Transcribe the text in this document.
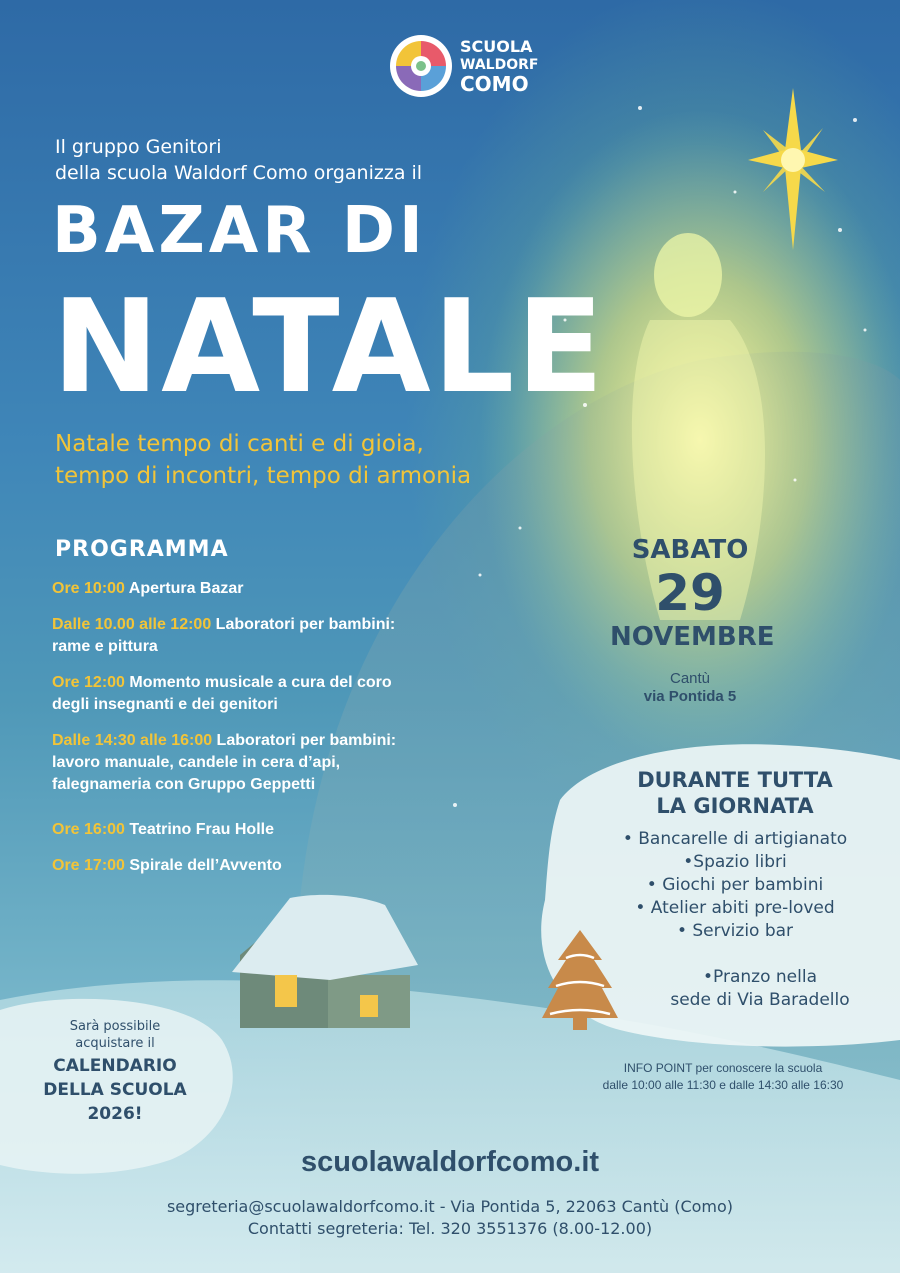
SCUOLA
WALDORF
COMO
Il gruppo Genitori
della scuola Waldorf Como organizza il
BAZAR DI
NATALE
Natale tempo di canti e di gioia,
tempo di incontri, tempo di armonia
PROGRAMMA
Ore 10:00 Apertura Bazar
Dalle 10.00 alle 12:00 Laboratori per bambini:
rame e pittura
Ore 12:00 Momento musicale a cura del coro
degli insegnanti e dei genitori
Dalle 14:30 alle 16:00 Laboratori per bambini:
lavoro manuale, candele in cera d’api,
falegnameria con Gruppo Geppetti
Ore 16:00 Teatrino Frau Holle
Ore 17:00 Spirale dell’Avvento
SABATO
29
NOVEMBRE
Cantù
via Pontida 5
DURANTE TUTTA
LA GIORNATA
• Bancarelle di artigianato
•Spazio libri
• Giochi per bambini
• Atelier abiti pre-loved
• Servizio bar
•Pranzo nella
sede di Via Baradello
INFO POINT per conoscere la scuola
dalle 10:00 alle 11:30 e dalle 14:30 alle 16:30
Sarà possibile
acquistare il
CALENDARIO
DELLA SCUOLA
2026!
scuolawaldorfcomo.it
segreteria@scuolawaldorfcomo.it - Via Pontida 5, 22063 Cantù (Como)
Contatti segreteria: Tel. 320 3551376 (8.00-12.00)
